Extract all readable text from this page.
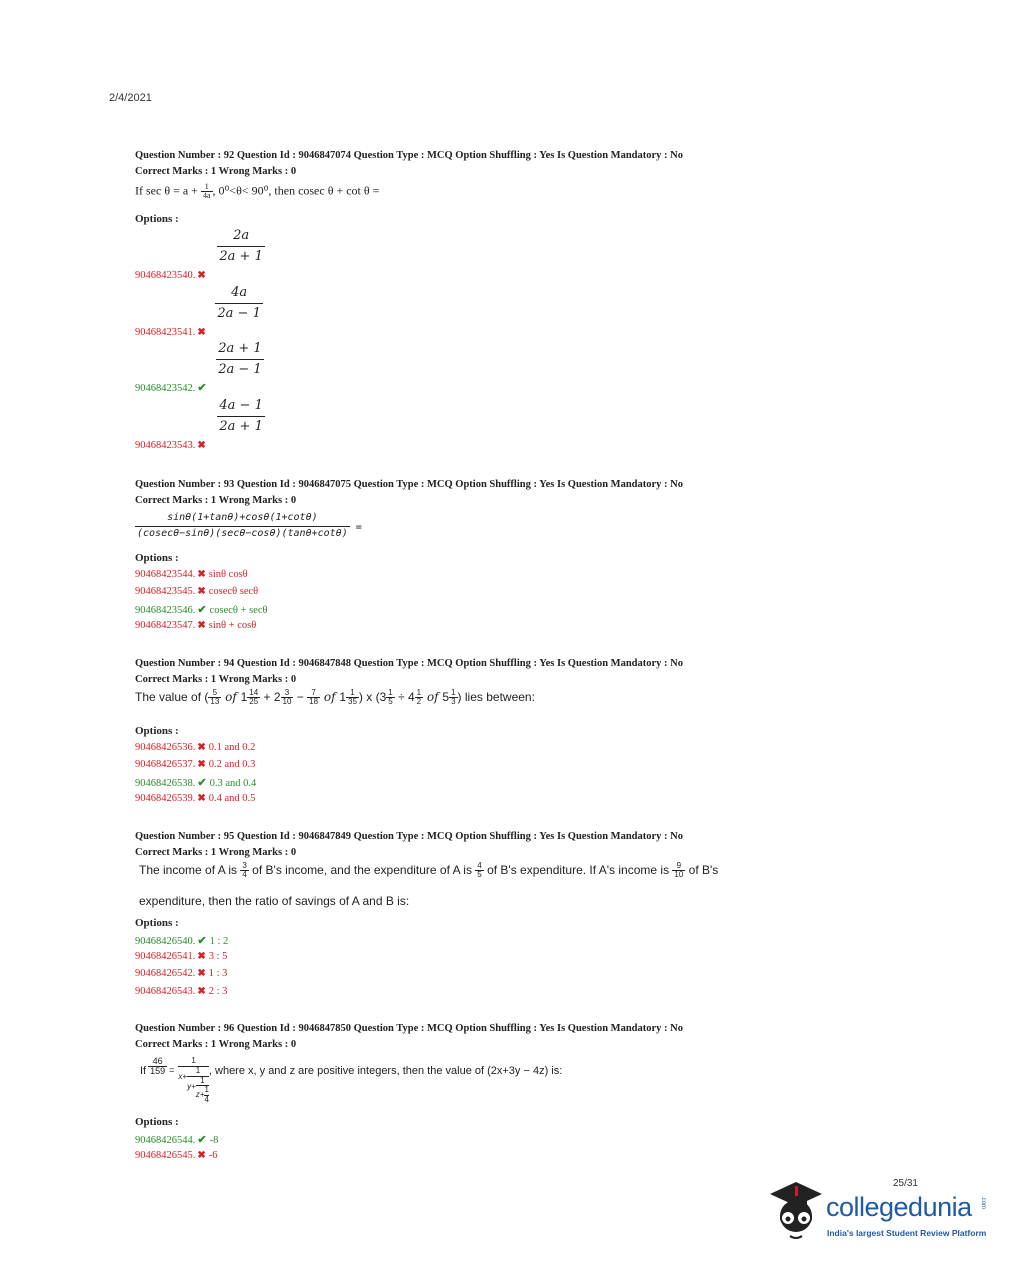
2/4/2021
Question Number : 92 Question Id : 9046847074 Question Type : MCQ Option Shuffling : Yes Is Question Mandatory : No
Correct Marks : 1 Wrong Marks : 0
If $\sec \theta = a + \frac{1}{4a}$ , 0⁰<θ< 90⁰, then cosec θ + cot θ =
Options :
9046842354​0. ✖
$\frac{2a}{2a + 1}$
9046842354​1. ✖
$\frac{4a}{2a - 1}$
9046842354​2. ✔
$\frac{2a + 1}{2a - 1}$
9046842354​3. ✖
$\frac{4a - 1}{2a + 1}$
Question Number : 93 Question Id : 9046847075 Question Type : MCQ Option Shuffling : Yes Is Question Mandatory : No
Correct Marks : 1 Wrong Marks : 0
$\frac{\sin\theta(1+\tan\theta)+\cos\theta(1+\cot\theta)}{(cosec\theta-\sin\theta)(\sec\theta-\cos\theta)(\tan\theta+\cot\theta)}$ =
Options :
90468423544. ✖ sinθ cosθ
90468423545. ✖ cosecθ secθ
90468423546. ✔ cosecθ + secθ
90468423547. ✖ sinθ + cosθ
Question Number : 94 Question Id : 9046847848 Question Type : MCQ Option Shuffling : Yes Is Question Mandatory : No
Correct Marks : 1 Wrong Marks : 0
The value of ( $\frac{5}{13}$ of $1 \frac{14}{25} + 2 \frac{3}{10} - \frac{7}{18}$ of $1 \frac{1}{35}$ ) x ($3 \frac{1}{5} \div 4 \frac{1}{2}$ of $5 \frac{1}{3}$ ) lies between:
Options :
90468426536. ✖ 0.1 and 0.2
90468426537. ✖ 0.2 and 0.3
90468426538. ✔ 0.3 and 0.4
90468426539. ✖ 0.4 and 0.5
Question Number : 95 Question Id : 9046847849 Question Type : MCQ Option Shuffling : Yes Is Question Mandatory : No
Correct Marks : 1 Wrong Marks : 0
The income of A is $\frac{3}{4}$ of B's income, and the expenditure of A is $\frac{4}{5}$ of B's expenditure. If A's income is $\frac{9}{10}$ of B's
expenditure, then the ratio of savings of A and B is:
Options :
90468426540. ✔ 1 : 2
90468426541. ✖ 3 : 5
90468426542. ✖ 1 : 3
90468426543. ✖ 2 : 3
Question Number : 96 Question Id : 9046847850 Question Type : MCQ Option Shuffling : Yes Is Question Mandatory : No
Correct Marks : 1 Wrong Marks : 0
If $\frac{46}{159} = \frac{1}{x+ \frac{1}{y+ \frac{1}{z+ \frac{1}{4}}}}$ , where x, y and z are positive integers, then the value of (2x+3y − 4z) is:
Options :
90468426544. ✔ -8
90468426545. ✖ -6
25/31
collegedunia .com
India's largest Student Review Platform
